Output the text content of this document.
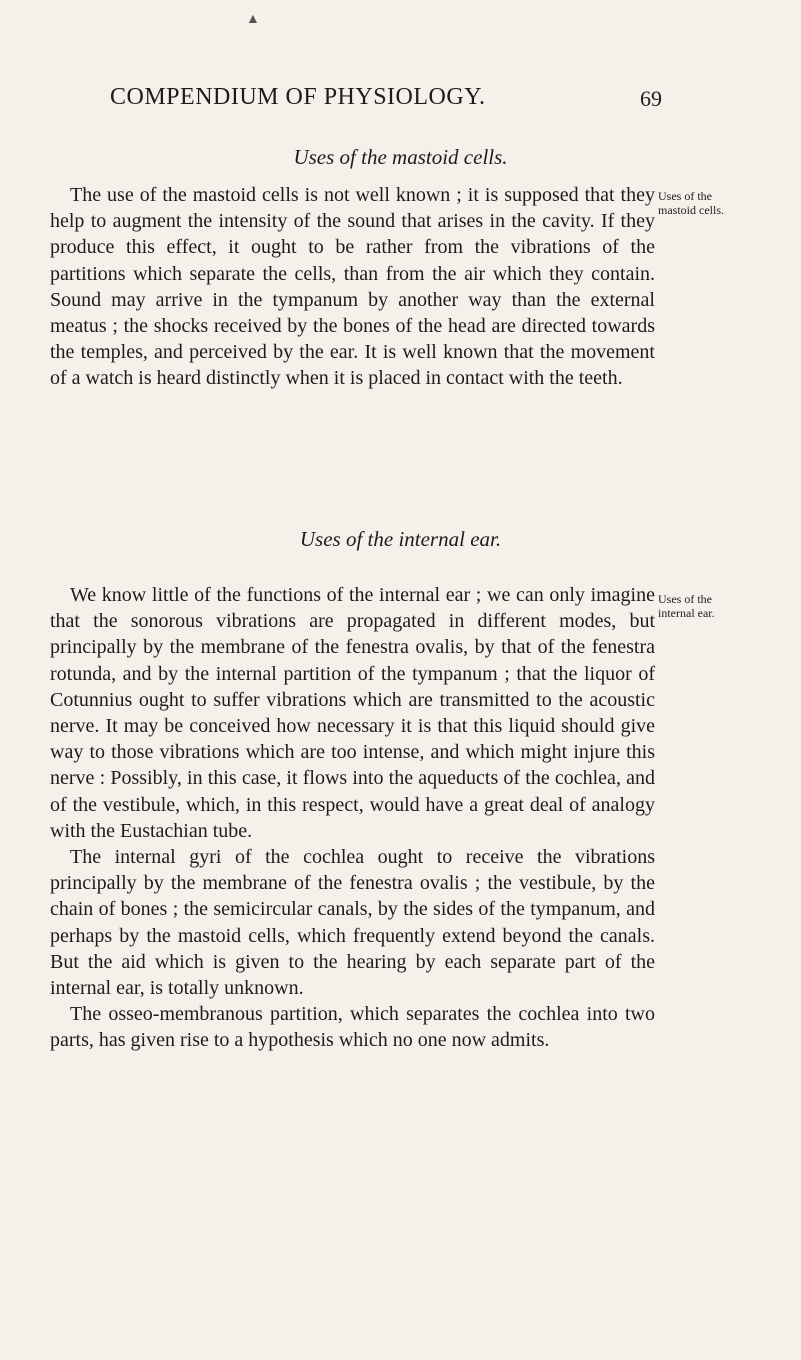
▲
COMPENDIUM OF PHYSIOLOGY.	69
Uses of the mastoid cells.
Uses of the
mastoid cells.

The use of the mastoid cells is not well known ; it is supposed that they help to augment the intensity of the sound that arises in the cavity. If they produce this effect, it ought to be rather from the vibrations of the partitions which separate the cells, than from the air which they contain. Sound may arrive in the tympanum by another way than the external meatus ; the shocks received by the bones of the head are directed towards the temples, and perceived by the ear. It is well known that the movement of a watch is heard distinctly when it is placed in contact with the teeth.

Uses of the internal ear.
Uses of the
internal ear.

We know little of the functions of the internal ear ; we can only imagine that the sonorous vibrations are propagated in different modes, but principally by the membrane of the fenestra ovalis, by that of the fenestra rotunda, and by the internal partition of the tympanum ; that the liquor of Cotunnius ought to suffer vibrations which are transmitted to the acoustic nerve. It may be conceived how necessary it is that this liquid should give way to those vibrations which are too intense, and which might injure this nerve : Possibly, in this case, it flows into the aqueducts of the cochlea, and of the vestibule, which, in this respect, would have a great deal of analogy with the Eustachian tube.

The internal gyri of the cochlea ought to receive the vibrations principally by the membrane of the fenestra ovalis ; the vestibule, by the chain of bones ; the semicircular canals, by the sides of the tympanum, and perhaps by the mastoid cells, which frequently extend beyond the canals. But the aid which is given to the hearing by each separate part of the internal ear, is totally unknown.

The osseo-membranous partition, which separates the cochlea into two parts, has given rise to a hypothesis which no one now admits.
